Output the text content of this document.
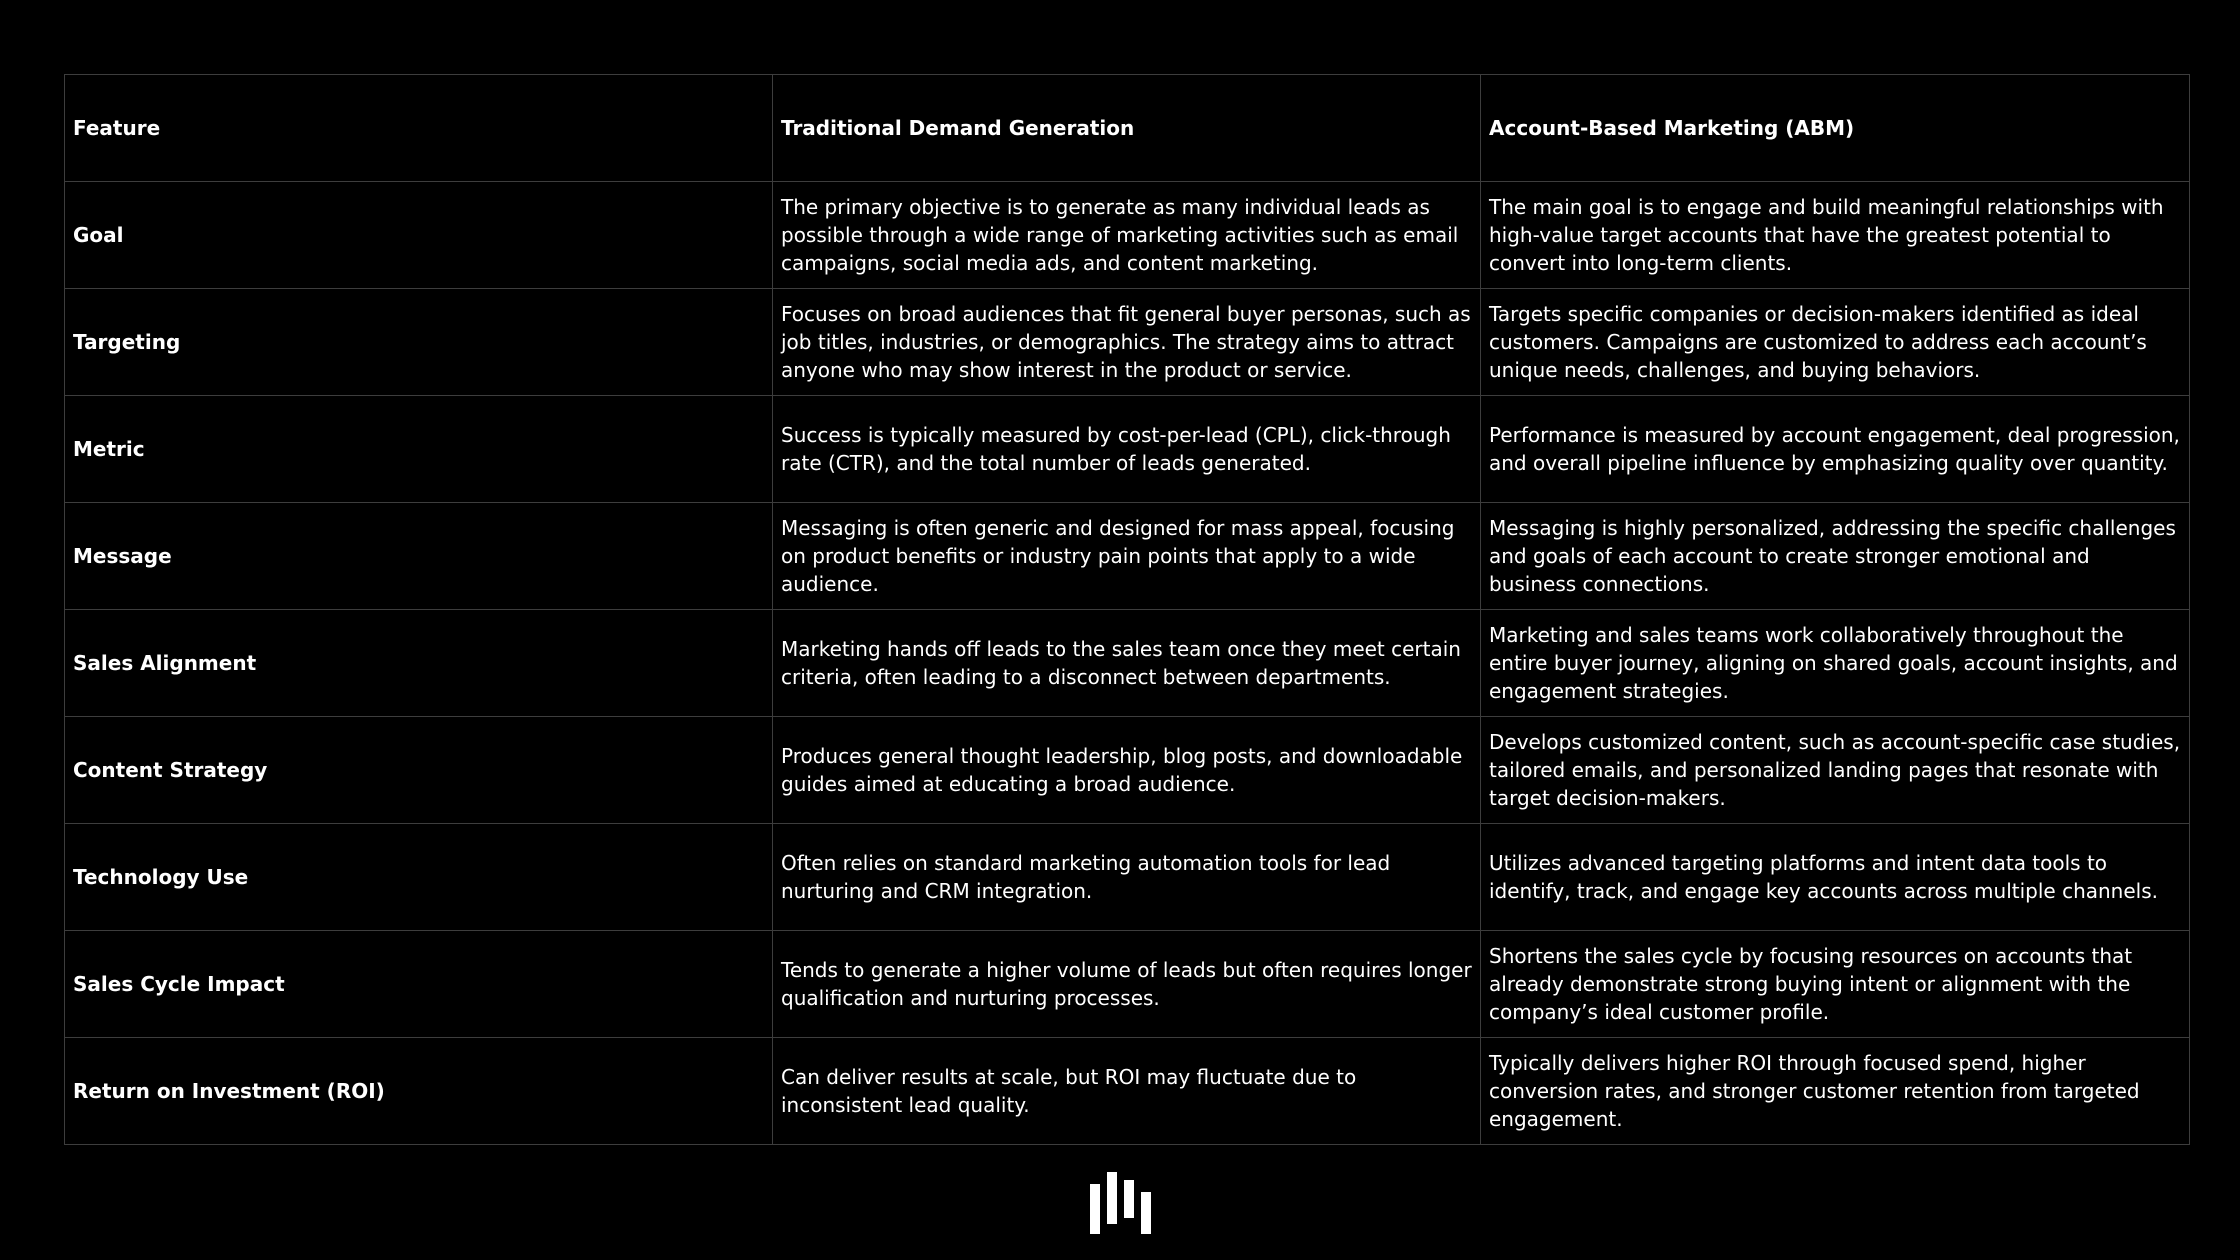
Feature	Traditional Demand Generation	Account-Based Marketing (ABM)
Goal	The primary objective is to generate as many individual leads as possible through a wide range of marketing activities such as email campaigns, social media ads, and content marketing.	The main goal is to engage and build meaningful relationships with high-value target accounts that have the greatest potential to convert into long-term clients.
Targeting	Focuses on broad audiences that fit general buyer personas, such as job titles, industries, or demographics. The strategy aims to attract anyone who may show interest in the product or service.	Targets specific companies or decision-makers identified as ideal customers. Campaigns are customized to address each account’s unique needs, challenges, and buying behaviors.
Metric	Success is typically measured by cost-per-lead (CPL), click-through rate (CTR), and the total number of leads generated.	Performance is measured by account engagement, deal progression, and overall pipeline influence by emphasizing quality over quantity.
Message	Messaging is often generic and designed for mass appeal, focusing on product benefits or industry pain points that apply to a wide audience.	Messaging is highly personalized, addressing the specific challenges and goals of each account to create stronger emotional and business connections.
Sales Alignment	Marketing hands off leads to the sales team once they meet certain criteria, often leading to a disconnect between departments.	Marketing and sales teams work collaboratively throughout the entire buyer journey, aligning on shared goals, account insights, and engagement strategies.
Content Strategy	Produces general thought leadership, blog posts, and downloadable guides aimed at educating a broad audience.	Develops customized content, such as account-specific case studies, tailored emails, and personalized landing pages that resonate with target decision-makers.
Technology Use	Often relies on standard marketing automation tools for lead nurturing and CRM integration.	Utilizes advanced targeting platforms and intent data tools to identify, track, and engage key accounts across multiple channels.
Sales Cycle Impact	Tends to generate a higher volume of leads but often requires longer qualification and nurturing processes.	Shortens the sales cycle by focusing resources on accounts that already demonstrate strong buying intent or alignment with the company’s ideal customer profile.
Return on Investment (ROI)	Can deliver results at scale, but ROI may fluctuate due to inconsistent lead quality.	Typically delivers higher ROI through focused spend, higher conversion rates, and stronger customer retention from targeted engagement.
